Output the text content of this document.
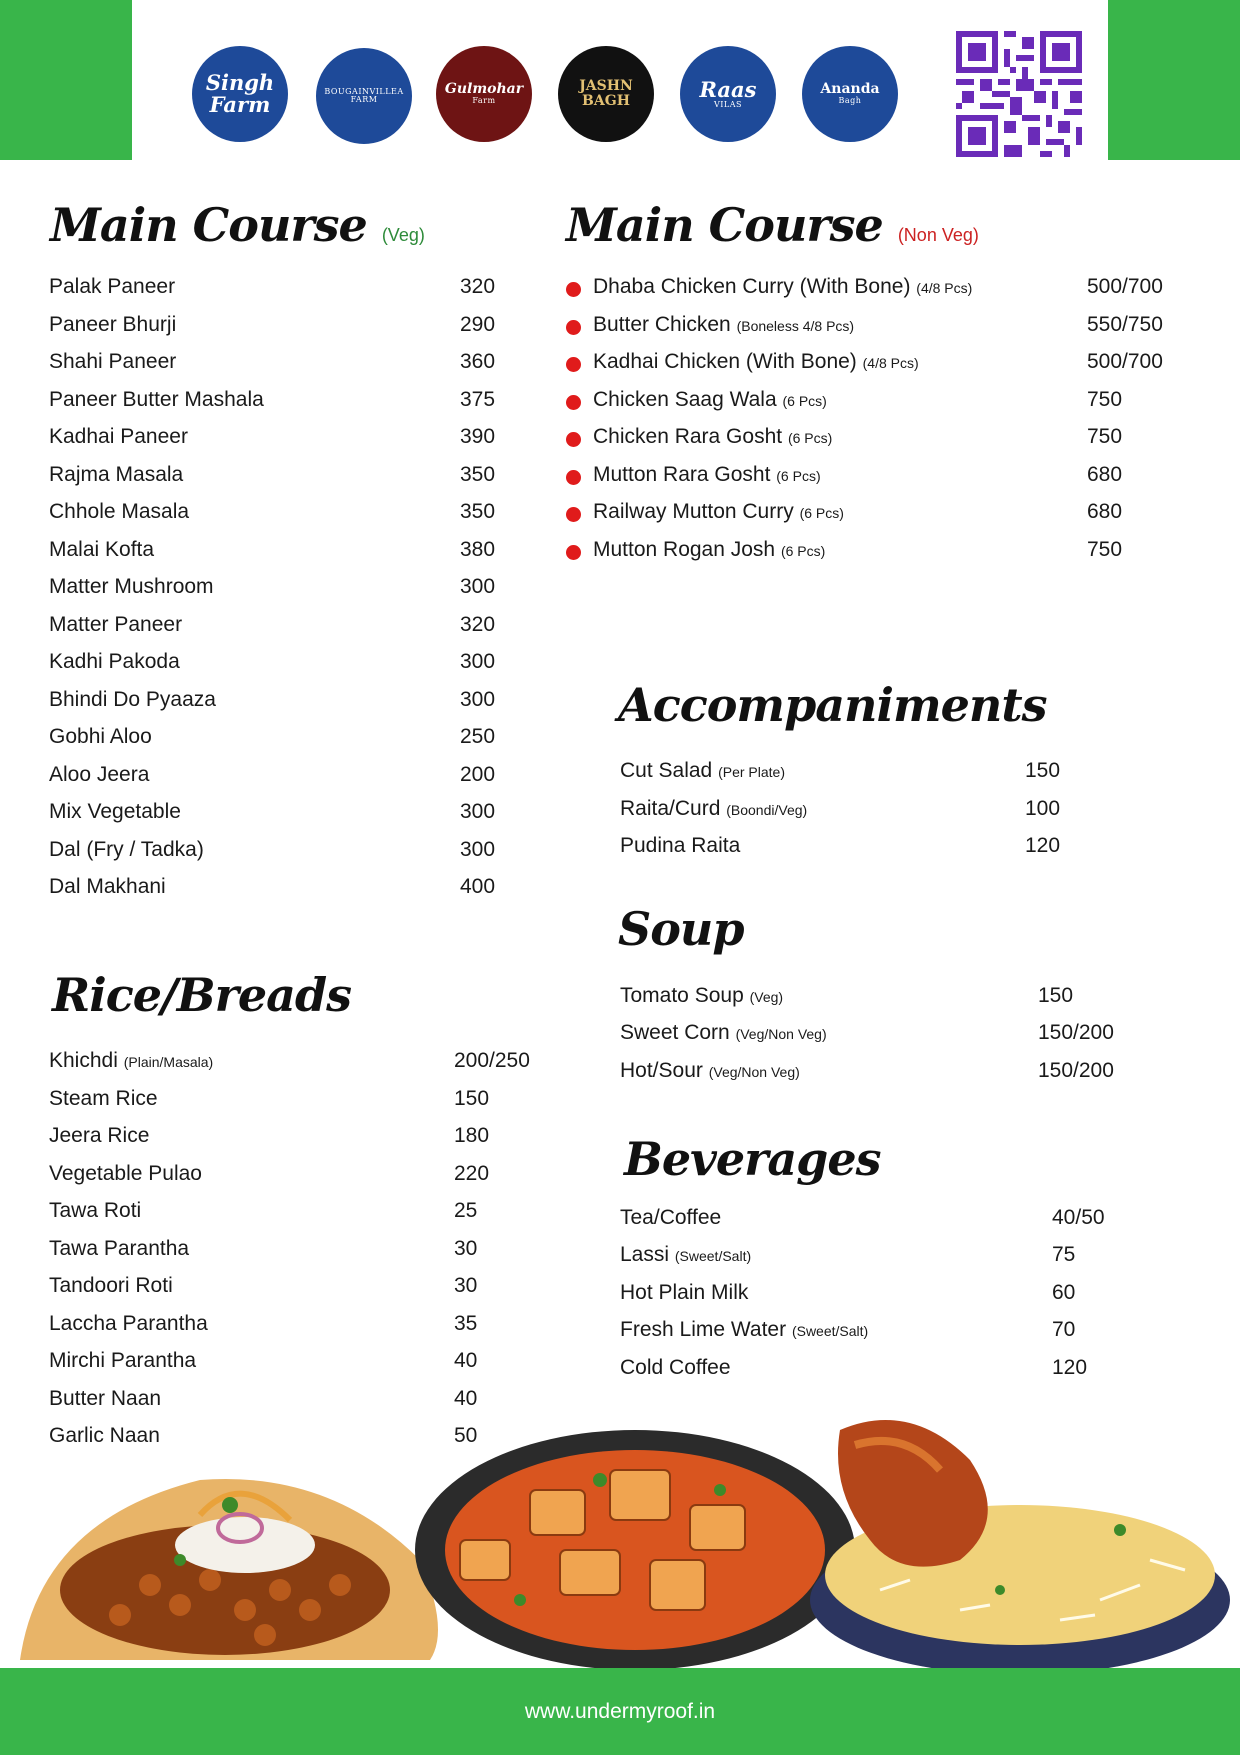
Singh
Farm
BOUGAINVILLEA
FARM
Gulmohar
Farm
JASHN
BAGH	Raas
VILAS
Ananda
Bagh
Main Course (Veg)
Palak Paneer	320
Paneer Bhurji	290
Shahi Paneer	360
Paneer Butter Mashala	375
Kadhai Paneer	390
Rajma Masala	350
Chhole Masala	350
Malai Kofta	380
Matter Mushroom	300
Matter Paneer	320
Kadhi Pakoda	300
Bhindi Do Pyaaza	300
Gobhi Aloo	250
Aloo Jeera	200
Mix Vegetable	300
Dal (Fry / Tadka)	300
Dal Makhani	400
Main Course (Non Veg)
Dhaba Chicken Curry (With Bone) (4/8 Pcs)	500/700
Butter Chicken (Boneless 4/8 Pcs)	550/750
Kadhai Chicken (With Bone) (4/8 Pcs)	500/700
Chicken Saag Wala (6 Pcs)	750
Chicken Rara Gosht (6 Pcs)	750
Mutton Rara Gosht (6 Pcs)	680
Railway Mutton Curry (6 Pcs)	680
Mutton Rogan Josh (6 Pcs)	750
Accompaniments
Cut Salad (Per Plate)	150
Raita/Curd (Boondi/Veg)	100
Pudina Raita	120
Soup
Tomato Soup (Veg)	150
Sweet Corn (Veg/Non Veg)	150/200
Hot/Sour (Veg/Non Veg)	150/200
Beverages
Tea/Coffee	40/50
Lassi (Sweet/Salt)	75
Hot Plain Milk	60
Fresh Lime Water (Sweet/Salt)	70
Cold Coffee	120
Rice/Breads
Khichdi (Plain/Masala)	200/250
Steam Rice	150
Jeera Rice	180
Vegetable Pulao	220
Tawa Roti	25
Tawa Parantha	30
Tandoori Roti	30
Laccha Parantha	35
Mirchi Parantha	40
Butter Naan	40
Garlic Naan	50
www.undermyroof.in
